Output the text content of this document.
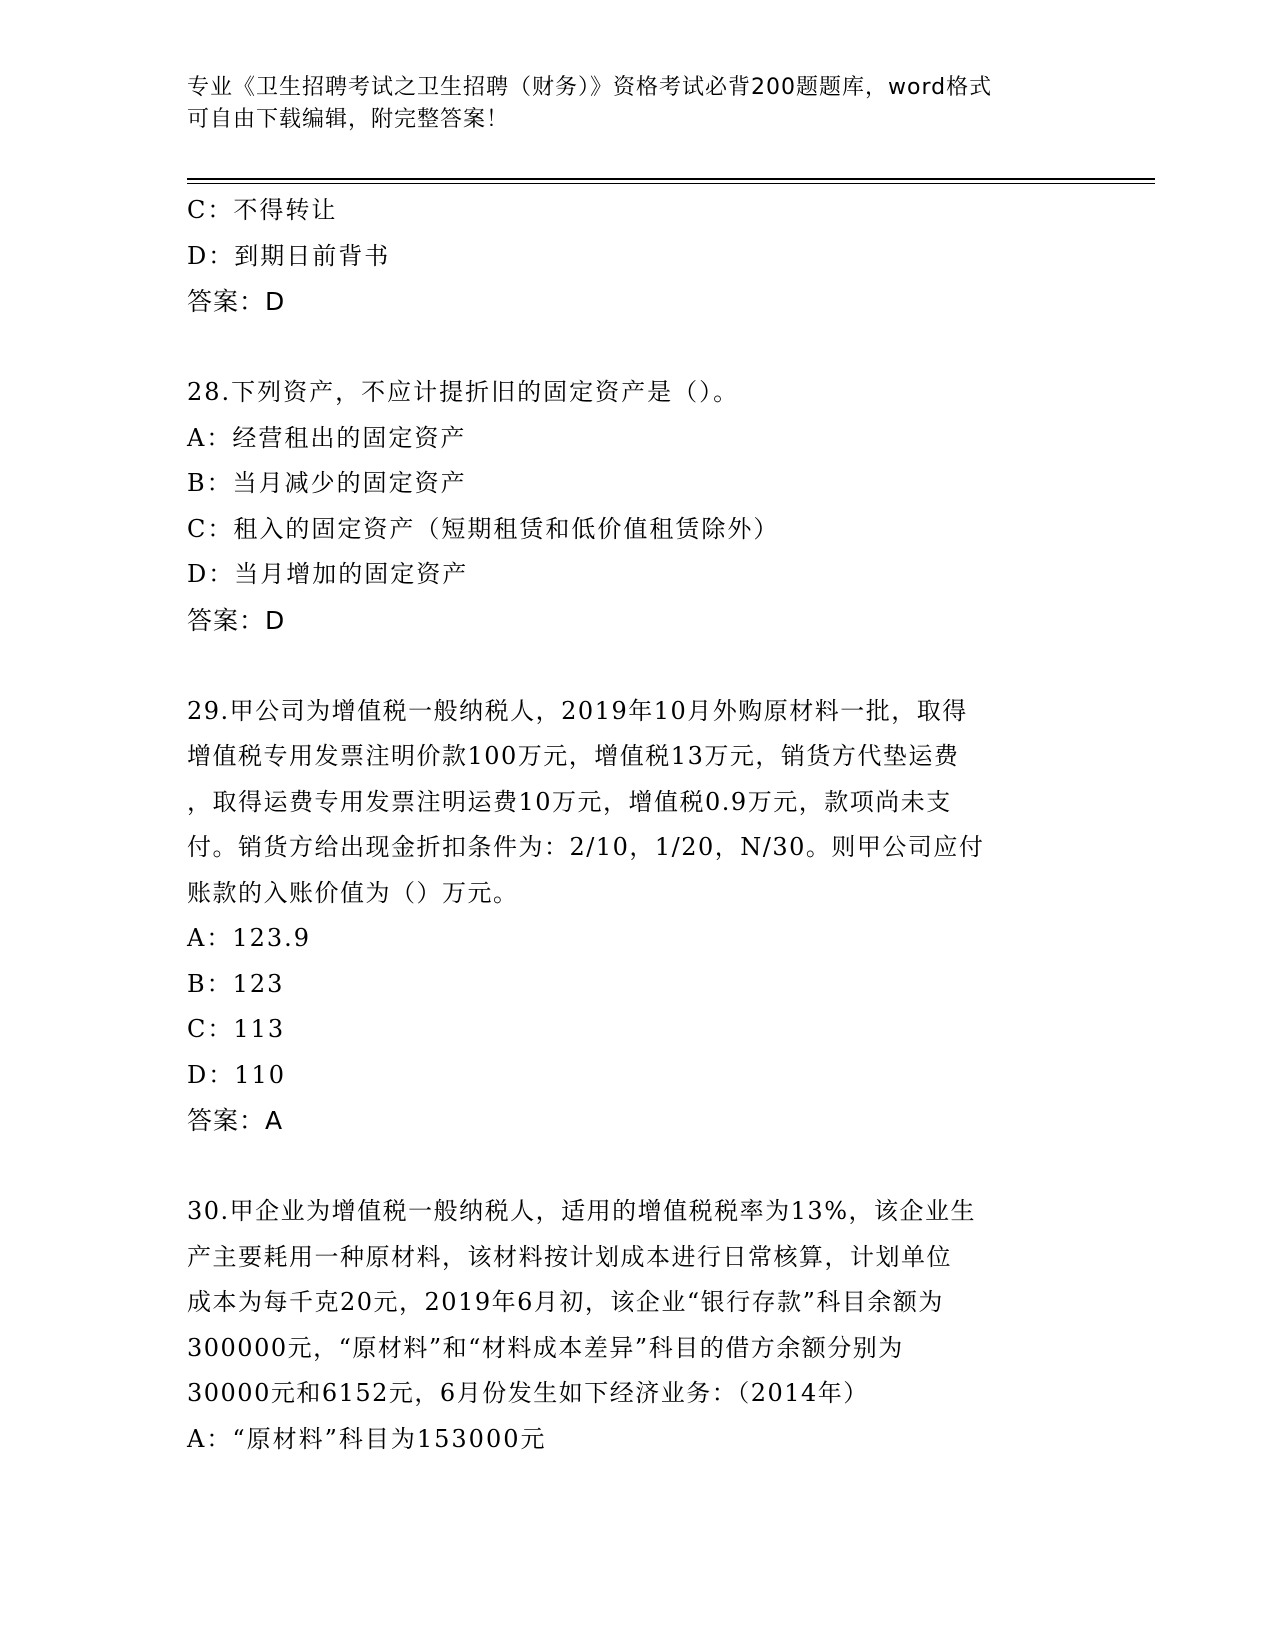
专业《卫生招聘考试之卫生招聘（财务）》资格考试必背200题题库，word格式
可自由下载编辑，附完整答案！
C：不得转让
D：到期日前背书
答案：D
28.下列资产，不应计提折旧的固定资产是（）。
A：经营租出的固定资产
B：当月减少的固定资产
C：租入的固定资产（短期租赁和低价值租赁除外）
D：当月增加的固定资产
答案：D
29.甲公司为增值税一般纳税人，2019年10月外购原材料一批，取得
增值税专用发票注明价款100万元，增值税13万元，销货方代垫运费
，取得运费专用发票注明运费10万元，增值税0.9万元，款项尚未支
付。销货方给出现金折扣条件为：2/10，1/20，N/30。则甲公司应付
账款的入账价值为（）万元。
A：123.9
B：123
C：113
D：110
答案：A
30.甲企业为增值税一般纳税人，适用的增值税税率为13%，该企业生
产主要耗用一种原材料，该材料按计划成本进行日常核算，计划单位
成本为每千克20元，2019年6月初，该企业“银行存款”科目余额为
300000元，“原材料”和“材料成本差异”科目的借方余额分别为
30000元和6152元，6月份发生如下经济业务：（2014年）
A：“原材料”科目为153000元
